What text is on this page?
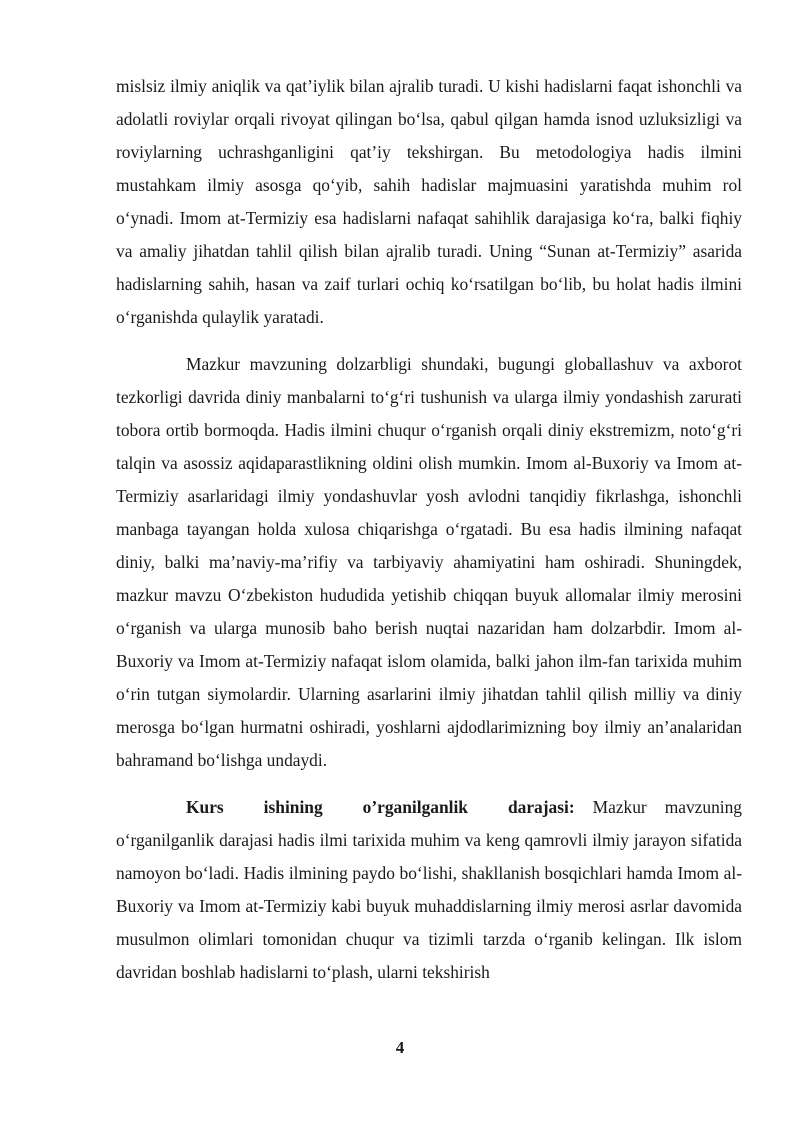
mislsiz ilmiy aniqlik va qat’iylik bilan ajralib turadi. U kishi hadislarni faqat ishonchli va adolatli roviylar orqali rivoyat qilingan bo‘lsa, qabul qilgan hamda isnod uzluksizligi va roviylarning uchrashganligini qat’iy tekshirgan. Bu metodologiya hadis ilmini mustahkam ilmiy asosga qo‘yib, sahih hadislar majmuasini yaratishda muhim rol o‘ynadi. Imom at-Termiziy esa hadislarni nafaqat sahihlik darajasiga ko‘ra, balki fiqhiy va amaliy jihatdan tahlil qilish bilan ajralib turadi. Uning “Sunan at-Termiziy” asarida hadislarning sahih, hasan va zaif turlari ochiq ko‘rsatilgan bo‘lib, bu holat hadis ilmini o‘rganishda qulaylik yaratadi.

Mazkur mavzuning dolzarbligi shundaki, bugungi globallashuv va axborot tezkorligi davrida diniy manbalarni to‘g‘ri tushunish va ularga ilmiy yondashish zarurati tobora ortib bormoqda. Hadis ilmini chuqur o‘rganish orqali diniy ekstremizm, noto‘g‘ri talqin va asossiz aqidaparastlikning oldini olish mumkin. Imom al-Buxoriy va Imom at-Termiziy asarlaridagi ilmiy yondashuvlar yosh avlodni tanqidiy fikrlashga, ishonchli manbaga tayangan holda xulosa chiqarishga o‘rgatadi. Bu esa hadis ilmining nafaqat diniy, balki ma’naviy-ma’rifiy va tarbiyaviy ahamiyatini ham oshiradi. Shuningdek, mazkur mavzu O‘zbekiston hududida yetishib chiqqan buyuk allomalar ilmiy merosini o‘rganish va ularga munosib baho berish nuqtai nazaridan ham dolzarbdir. Imom al-Buxoriy va Imom at-Termiziy nafaqat islom olamida, balki jahon ilm-fan tarixida muhim o‘rin tutgan siymolardir. Ularning asarlarini ilmiy jihatdan tahlil qilish milliy va diniy merosga bo‘lgan hurmatni oshiradi, yoshlarni ajdodlarimizning boy ilmiy an’analaridan bahramand bo‘lishga undaydi.

Kurs ishining o’rganilganlik darajasi: Mazkur mavzuning o‘rganilganlik darajasi hadis ilmi tarixida muhim va keng qamrovli ilmiy jarayon sifatida namoyon bo‘ladi. Hadis ilmining paydo bo‘lishi, shakllanish bosqichlari hamda Imom al-Buxoriy va Imom at-Termiziy kabi buyuk muhaddislarning ilmiy merosi asrlar davomida musulmon olimlari tomonidan chuqur va tizimli tarzda o‘rganib kelingan. Ilk islom davridan boshlab hadislarni to‘plash, ularni tekshirish

4
